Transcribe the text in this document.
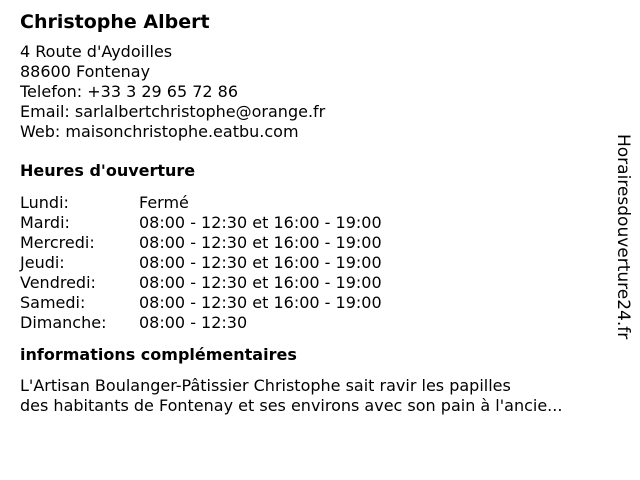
Christophe Albert
4 Route d'Aydoilles
88600 Fontenay
Telefon: +33 3 29 65 72 86
Email: sarlalbertchristophe@orange.fr
Web: maisonchristophe.eatbu.com
Heures d'ouverture
Lundi:	Fermé
Mardi:	08:00 - 12:30 et 16:00 - 19:00
Mercredi:	08:00 - 12:30 et 16:00 - 19:00
Jeudi:	08:00 - 12:30 et 16:00 - 19:00
Vendredi:	08:00 - 12:30 et 16:00 - 19:00
Samedi:	08:00 - 12:30 et 16:00 - 19:00
Dimanche:	08:00 - 12:30
informations complémentaires
L'Artisan Boulanger-Pâtissier Christophe sait ravir les papilles
des habitants de Fontenay et ses environs avec son pain à l'ancie...
Horairesdouverture24.fr
